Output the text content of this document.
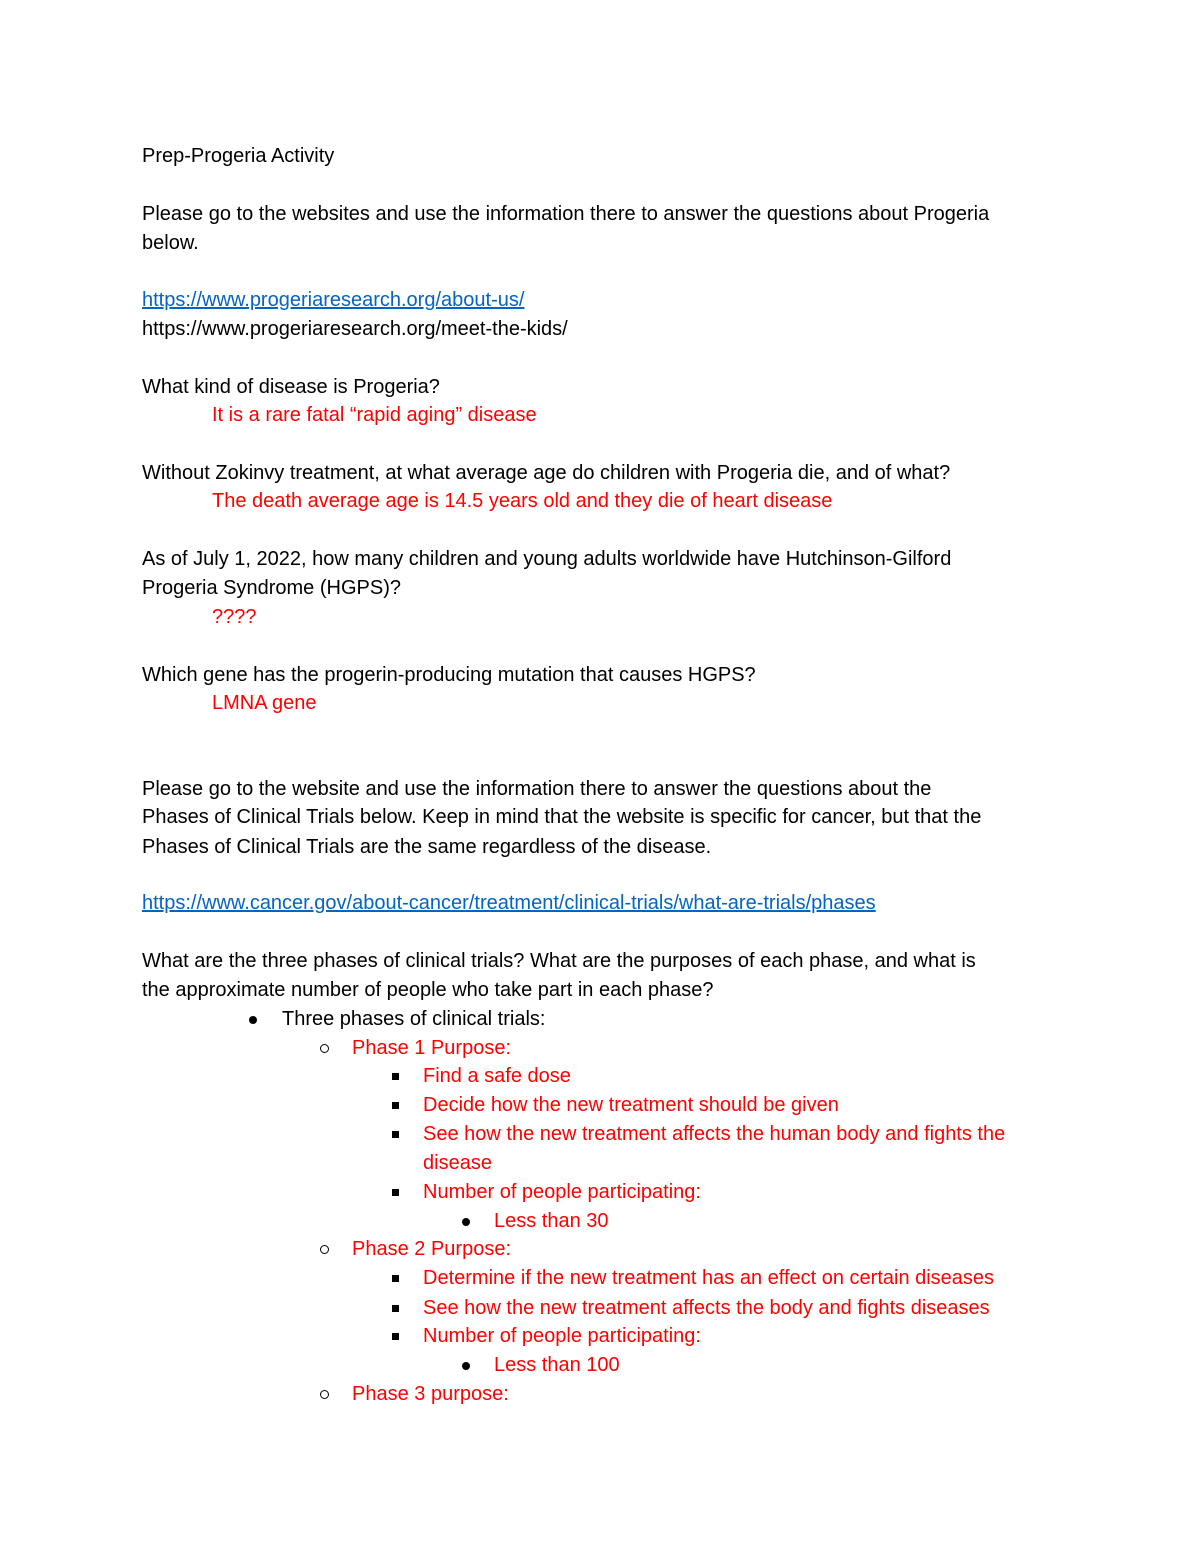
Prep-Progeria Activity
Please go to the websites and use the information there to answer the questions about Progeria
below.
https://www.progeriaresearch.org/about-us/
https://www.progeriaresearch.org/meet-the-kids/
What kind of disease is Progeria?
It is a rare fatal “rapid aging” disease
Without Zokinvy treatment, at what average age do children with Progeria die, and of what?
The death average age is 14.5 years old and they die of heart disease
As of July 1, 2022, how many children and young adults worldwide have Hutchinson-Gilford
Progeria Syndrome (HGPS)?
????
Which gene has the progerin-producing mutation that causes HGPS?
LMNA gene
Please go to the website and use the information there to answer the questions about the
Phases of Clinical Trials below. Keep in mind that the website is specific for cancer, but that the
Phases of Clinical Trials are the same regardless of the disease.
https://www.cancer.gov/about-cancer/treatment/clinical-trials/what-are-trials/phases
What are the three phases of clinical trials? What are the purposes of each phase, and what is
the approximate number of people who take part in each phase?
Three phases of clinical trials:
Phase 1 Purpose:
Find a safe dose
Decide how the new treatment should be given
See how the new treatment affects the human body and fights the
disease
Number of people participating:
Less than 30
Phase 2 Purpose:
Determine if the new treatment has an effect on certain diseases
See how the new treatment affects the body and fights diseases
Number of people participating:
Less than 100
Phase 3 purpose:
